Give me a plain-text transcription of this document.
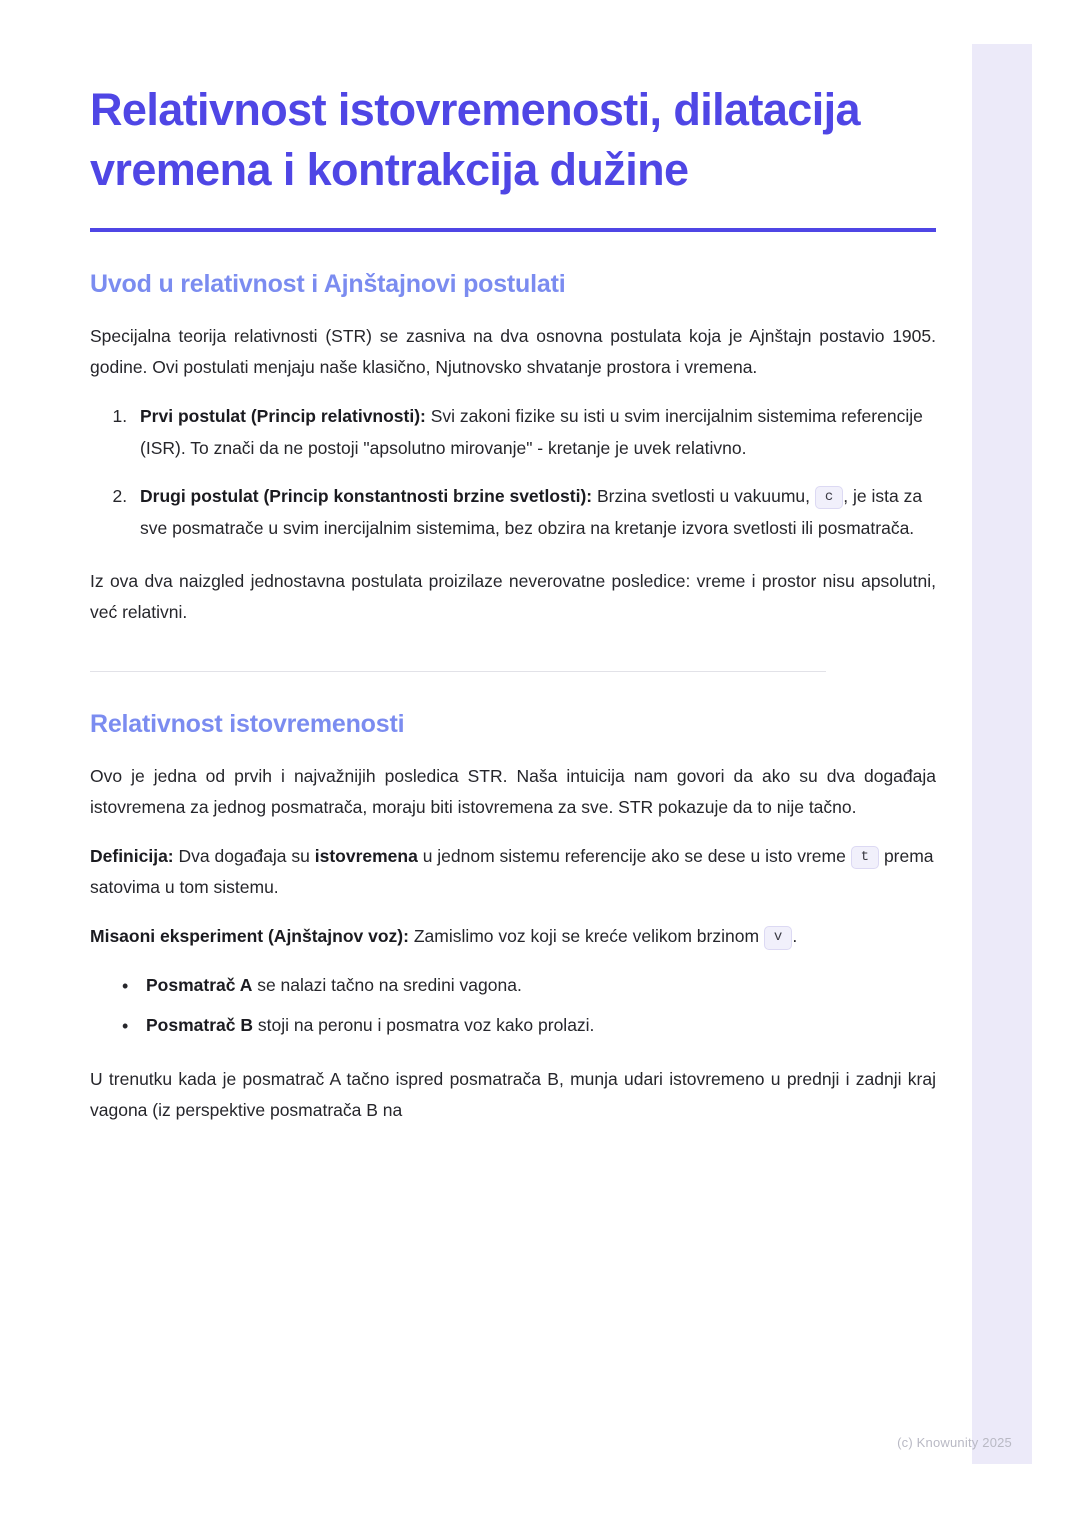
Relativnost istovremenosti, dilatacija vremena i kontrakcija dužine
Uvod u relativnost i Ajnštajnovi postulati

Specijalna teorija relativnosti (STR) se zasniva na dva osnovna postulata koja je Ajnštajn postavio 1905. godine. Ovi postulati menjaju naše klasično, Njutnovsko shvatanje prostora i vremena.

1. Prvi postulat (Princip relativnosti): Svi zakoni fizike su isti u svim inercijalnim sistemima referencije (ISR). To znači da ne postoji "apsolutno mirovanje" - kretanje je uvek relativno.
2. Drugi postulat (Princip konstantnosti brzine svetlosti): Brzina svetlosti u vakuumu, c , je ista za sve posmatrače u svim inercijalnim sistemima, bez obzira na kretanje izvora svetlosti ili posmatrača.

Iz ova dva naizgled jednostavna postulata proizilaze neverovatne posledice: vreme i prostor nisu apsolutni, već relativni.

Relativnost istovremenosti

Ovo je jedna od prvih i najvažnijih posledica STR. Naša intuicija nam govori da ako su dva događaja istovremena za jednog posmatrača, moraju biti istovremena za sve. STR pokazuje da to nije tačno.

Definicija: Dva događaja su istovremena u jednom sistemu referencije ako se dese u isto vreme t prema satovima u tom sistemu.

Misaoni eksperiment (Ajnštajnov voz): Zamislimo voz koji se kreće velikom brzinom v .

• Posmatrač A se nalazi tačno na sredini vagona.
• Posmatrač B stoji na peronu i posmatra voz kako prolazi.

U trenutku kada je posmatrač A tačno ispred posmatrača B, munja udari istovremeno u prednji i zadnji kraj vagona (iz perspektive posmatrača B na

(c) Knowunity 2025
